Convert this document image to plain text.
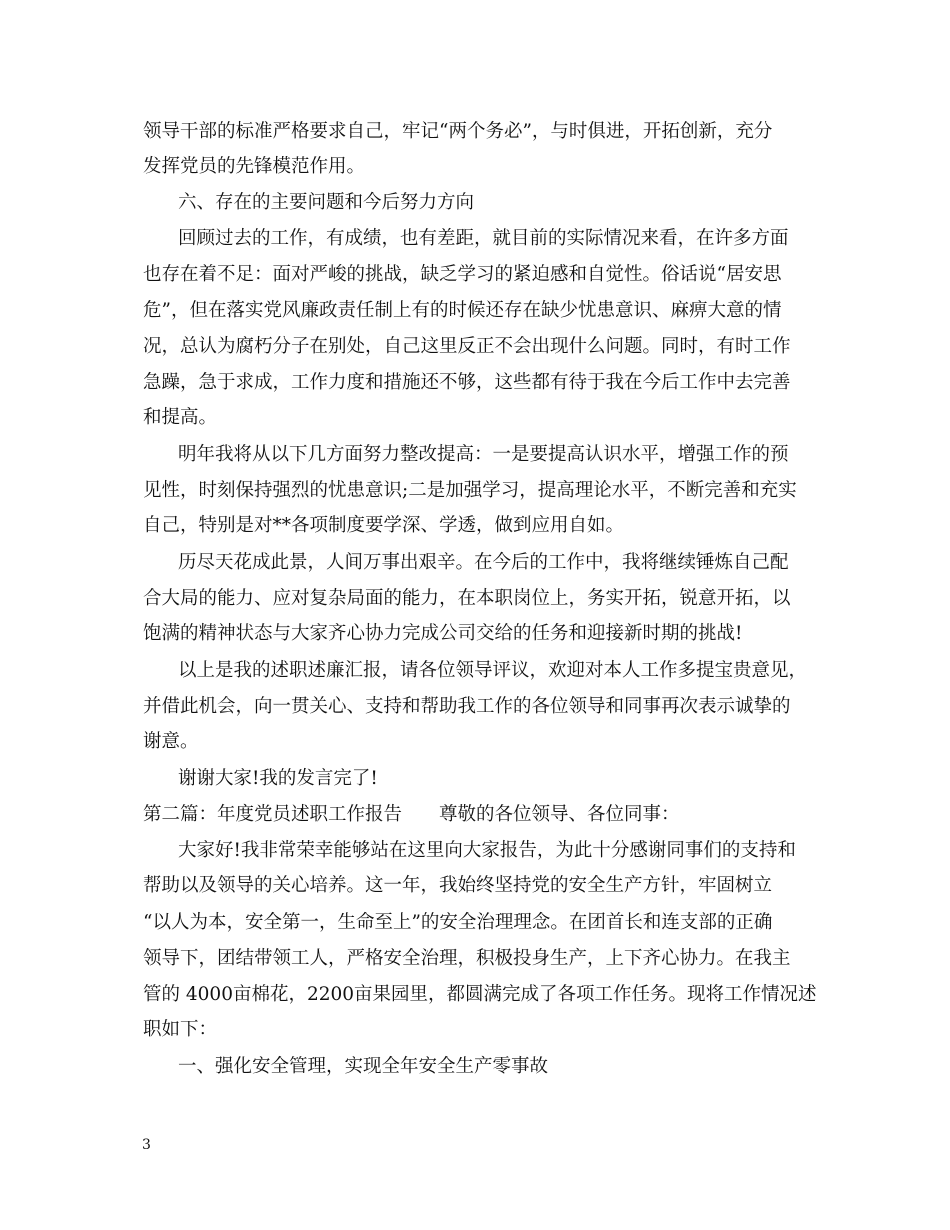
领导干部的标准严格要求自己，牢记“两个务必”，与时俱进，开拓创新，充分
发挥党员的先锋模范作用。
六、存在的主要问题和今后努力方向
回顾过去的工作，有成绩，也有差距，就目前的实际情况来看，在许多方面
也存在着不足：面对严峻的挑战，缺乏学习的紧迫感和自觉性。俗话说“居安思
危”，但在落实党风廉政责任制上有的时候还存在缺少忧患意识、麻痹大意的情
况，总认为腐朽分子在别处，自己这里反正不会出现什么问题。同时，有时工作
急躁，急于求成，工作力度和措施还不够，这些都有待于我在今后工作中去完善
和提高。
明年我将从以下几方面努力整改提高：一是要提高认识水平，增强工作的预
见性，时刻保持强烈的忧患意识;二是加强学习，提高理论水平，不断完善和充实
自己，特别是对**各项制度要学深、学透，做到应用自如。
历尽天花成此景，人间万事出艰辛。在今后的工作中，我将继续锤炼自己配
合大局的能力、应对复杂局面的能力，在本职岗位上，务实开拓，锐意开拓，以
饱满的精神状态与大家齐心协力完成公司交给的任务和迎接新时期的挑战!
以上是我的述职述廉汇报，请各位领导评议，欢迎对本人工作多提宝贵意见，
并借此机会，向一贯关心、支持和帮助我工作的各位领导和同事再次表示诚挚的
谢意。
谢谢大家!我的发言完了!
第二篇：年度党员述职工作报告　　尊敬的各位领导、各位同事：
大家好!我非常荣幸能够站在这里向大家报告，为此十分感谢同事们的支持和
帮助以及领导的关心培养。这一年，我始终坚持党的安全生产方针，牢固树立
“以人为本，安全第一，生命至上”的安全治理理念。在团首长和连支部的正确
领导下，团结带领工人，严格安全治理，积极投身生产，上下齐心协力。在我主
管的 4000亩棉花，2200亩果园里，都圆满完成了各项工作任务。现将工作情况述
职如下：
一、强化安全管理，实现全年安全生产零事故
3
